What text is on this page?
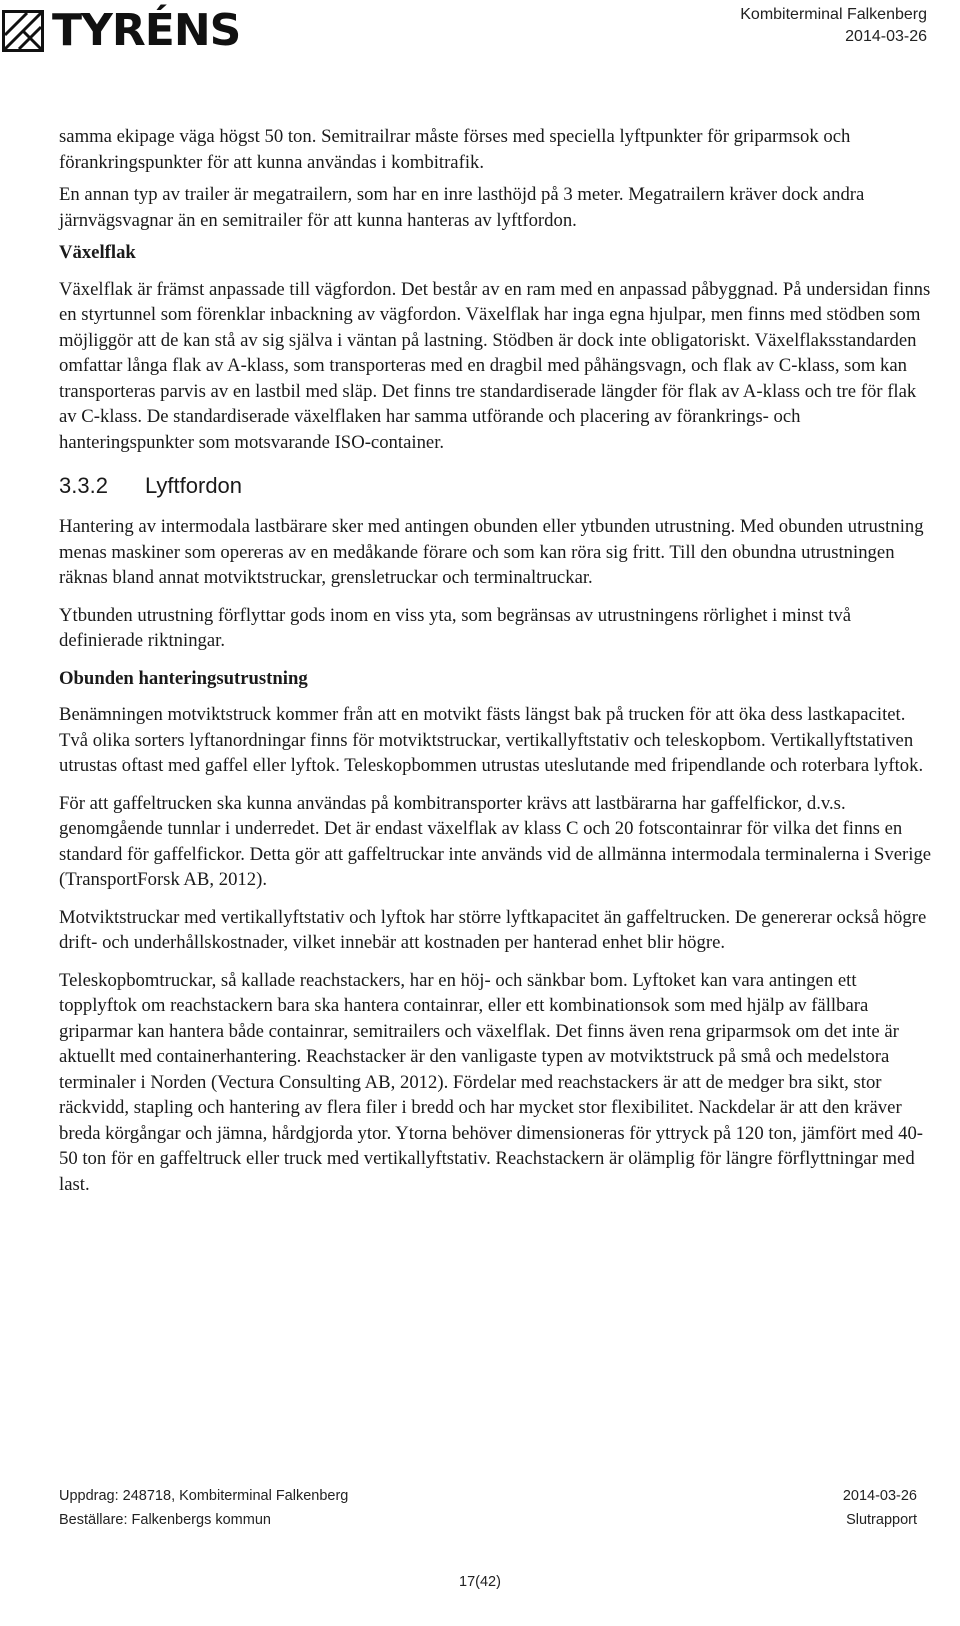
TYRÉNS	Kombiterminal Falkenberg
2014-03-26

samma ekipage väga högst 50 ton. Semitrailrar måste förses med speciella lyftpunkter för griparmsok och förankringspunkter för att kunna användas i kombitrafik.

En annan typ av trailer är megatrailern, som har en inre lasthöjd på 3 meter. Megatrailern kräver dock andra järnvägsvagnar än en semitrailer för att kunna hanteras av lyftfordon.

Växelflak

Växelflak är främst anpassade till vägfordon. Det består av en ram med en anpassad påbyggnad. På undersidan finns en styrtunnel som förenklar inbackning av vägfordon. Växelflak har inga egna hjulpar, men finns med stödben som möjliggör att de kan stå av sig själva i väntan på lastning. Stödben är dock inte obligatoriskt. Växelflaksstandarden omfattar långa flak av A-klass, som transporteras med en dragbil med påhängsvagn, och flak av C-klass, som kan transporteras parvis av en lastbil med släp. Det finns tre standardiserade längder för flak av A-klass och tre för flak av C-klass. De standardiserade växelflaken har samma utförande och placering av förankrings- och hanteringspunkter som motsvarande ISO-container.

3.3.2	Lyftfordon

Hantering av intermodala lastbärare sker med antingen obunden eller ytbunden utrustning. Med obunden utrustning menas maskiner som opereras av en medåkande förare och som kan röra sig fritt. Till den obundna utrustningen räknas bland annat motviktstruckar, grensletruckar och terminaltruckar.

Ytbunden utrustning förflyttar gods inom en viss yta, som begränsas av utrustningens rörlighet i minst två definierade riktningar.

Obunden hanteringsutrustning

Benämningen motviktstruck kommer från att en motvikt fästs längst bak på trucken för att öka dess lastkapacitet. Två olika sorters lyftanordningar finns för motviktstruckar, vertikallyftstativ och teleskopbom. Vertikallyftstativen utrustas oftast med gaffel eller lyftok. Teleskopbommen utrustas uteslutande med fripendlande och roterbara lyftok.

För att gaffeltrucken ska kunna användas på kombitransporter krävs att lastbärarna har gaffelfickor, d.v.s. genomgående tunnlar i underredet. Det är endast växelflak av klass C och 20 fotscontainrar för vilka det finns en standard för gaffelfickor. Detta gör att gaffeltruckar inte används vid de allmänna intermodala terminalerna i Sverige (TransportForsk AB, 2012).

Motviktstruckar med vertikallyftstativ och lyftok har större lyftkapacitet än gaffeltrucken. De genererar också högre drift- och underhållskostnader, vilket innebär att kostnaden per hanterad enhet blir högre.

Teleskopbomtruckar, så kallade reachstackers, har en höj- och sänkbar bom. Lyftoket kan vara antingen ett topplyftok om reachstackern bara ska hantera containrar, eller ett kombinationsok som med hjälp av fällbara griparmar kan hantera både containrar, semitrailers och växelflak. Det finns även rena griparmsok om det inte är aktuellt med containerhantering. Reachstacker är den vanligaste typen av motviktstruck på små och medelstora terminaler i Norden (Vectura Consulting AB, 2012). Fördelar med reachstackers är att de medger bra sikt, stor räckvidd, stapling och hantering av flera filer i bredd och har mycket stor flexibilitet. Nackdelar är att den kräver breda körgångar och jämna, hårdgjorda ytor. Ytorna behöver dimensioneras för yttryck på 120 ton, jämfört med 40-50 ton för en gaffeltruck eller truck med vertikallyftstativ. Reachstackern är olämplig för längre förflyttningar med last.

Uppdrag: 248718, Kombiterminal Falkenberg	2014-03-26
Beställare: Falkenbergs kommun	Slutrapport
17(42)
